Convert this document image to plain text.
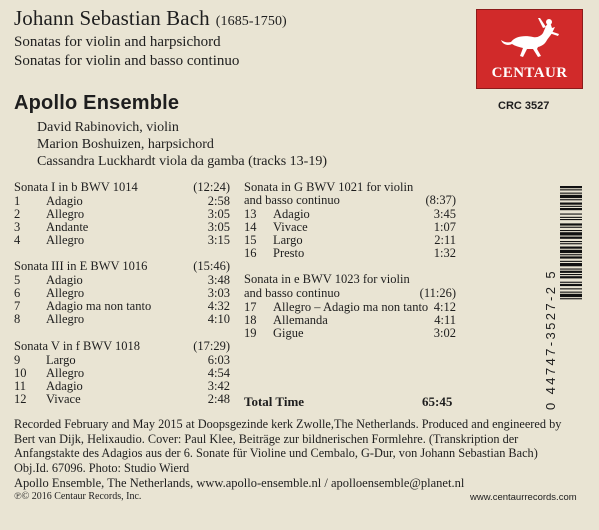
Johann Sebastian Bach (1685-1750)
Sonatas for violin and harpsichord
Sonatas for violin and basso continuo
Apollo Ensemble
David Rabinovich, violin
Marion Boshuizen, harpsichord
Cassandra Luckhardt viola da gamba (tracks 13-19)
CENTAUR
CRC 3527
Sonata I in b BWV 1014	(12:24)
1 Adagio	2:58
2 Allegro	3:05
3 Andante	3:05
4 Allegro	3:15
Sonata III in E BWV 1016	(15:46)
5 Adagio	3:48
6 Allegro	3:03
7 Adagio ma non tanto	4:32
8 Allegro	4:10
Sonata V in f BWV 1018	(17:29)
9 Largo	6:03
10 Allegro	4:54
11 Adagio	3:42
12 Vivace	2:48
Sonata in G BWV 1021 for violin
and basso continuo	(8:37)
13 Adagio	3:45
14 Vivace	1:07
15 Largo	2:11
16 Presto	1:32
Sonata in e BWV 1023 for violin
and basso continuo	(11:26)
17 Allegro – Adagio ma non tanto 4:12
18 Allemanda	4:11
19 Gigue	3:02
Total Time	65:45	0 44747-3527-2 5
Recorded February and May 2015 at Doopsgezinde kerk Zwolle,The Netherlands. Produced and engineered by
Bert van Dijk, Helixaudio. Cover: Paul Klee, Beiträge zur bildnerischen Formlehre. (Transkription der
Anfangstakte des Adagios aus der 6. Sonate für Violine und Cembalo, G-Dur, von Johann Sebastian Bach)
Obj.Id. 67096. Photo: Studio Wierd
Apollo Ensemble, The Netherlands, www.apollo-ensemble.nl / apolloensemble@planet.nl
℗© 2016 Centaur Records, Inc.	www.centaurrecords.com
